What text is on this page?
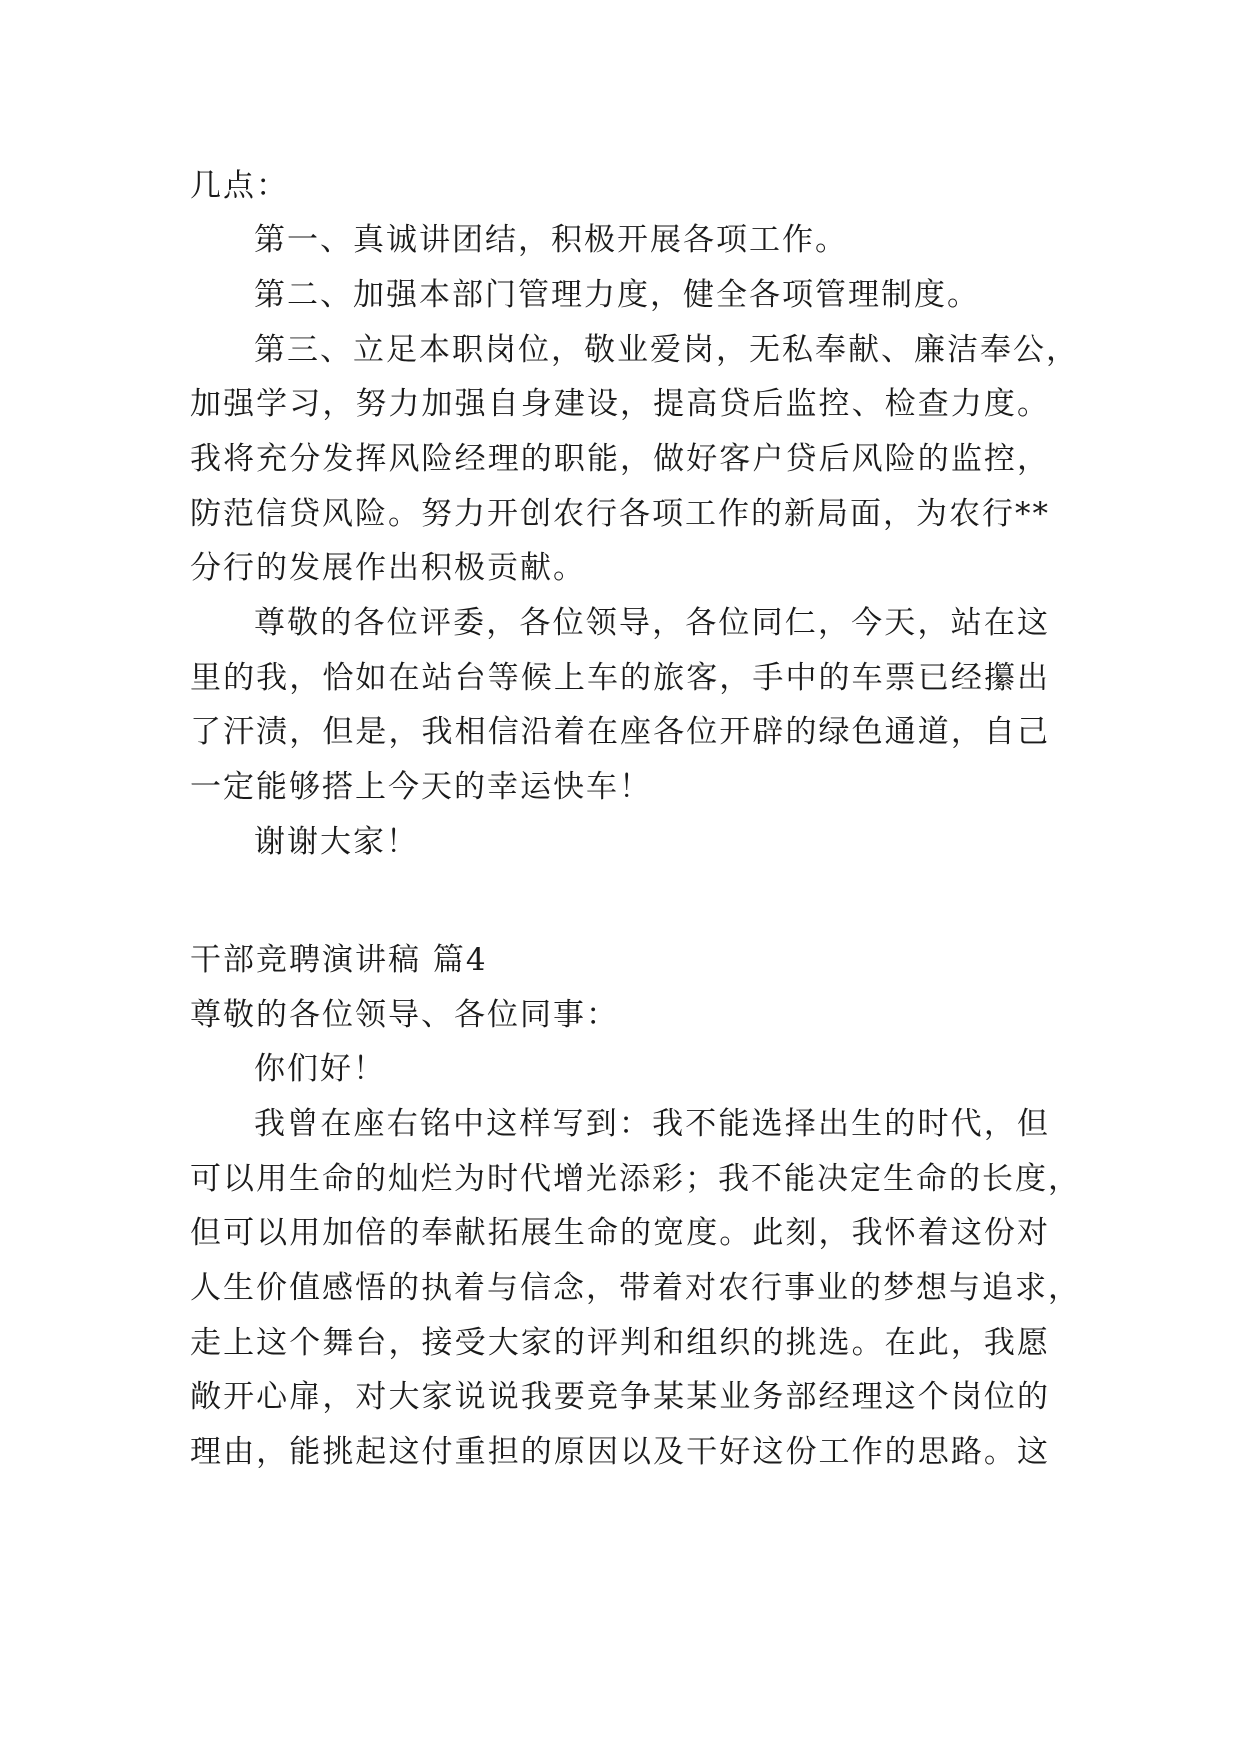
几点：
第一、真诚讲团结，积极开展各项工作。
第二、加强本部门管理力度，健全各项管理制度。
第三、立足本职岗位，敬业爱岗，无私奉献、廉洁奉公，
加强学习，努力加强自身建设，提高贷后监控、检查力度。
我将充分发挥风险经理的职能，做好客户贷后风险的监控，
防范信贷风险。努力开创农行各项工作的新局面，为农行**
分行的发展作出积极贡献。
尊敬的各位评委，各位领导，各位同仁，今天，站在这
里的我，恰如在站台等候上车的旅客，手中的车票已经攥出
了汗渍，但是，我相信沿着在座各位开辟的绿色通道，自己
一定能够搭上今天的幸运快车！
谢谢大家！
干部竞聘演讲稿 篇4
尊敬的各位领导、各位同事：
你们好！
我曾在座右铭中这样写到：我不能选择出生的时代，但
可以用生命的灿烂为时代增光添彩；我不能决定生命的长度，
但可以用加倍的奉献拓展生命的宽度。此刻，我怀着这份对
人生价值感悟的执着与信念，带着对农行事业的梦想与追求，
走上这个舞台，接受大家的评判和组织的挑选。在此，我愿
敞开心扉，对大家说说我要竞争某某业务部经理这个岗位的
理由，能挑起这付重担的原因以及干好这份工作的思路。这
